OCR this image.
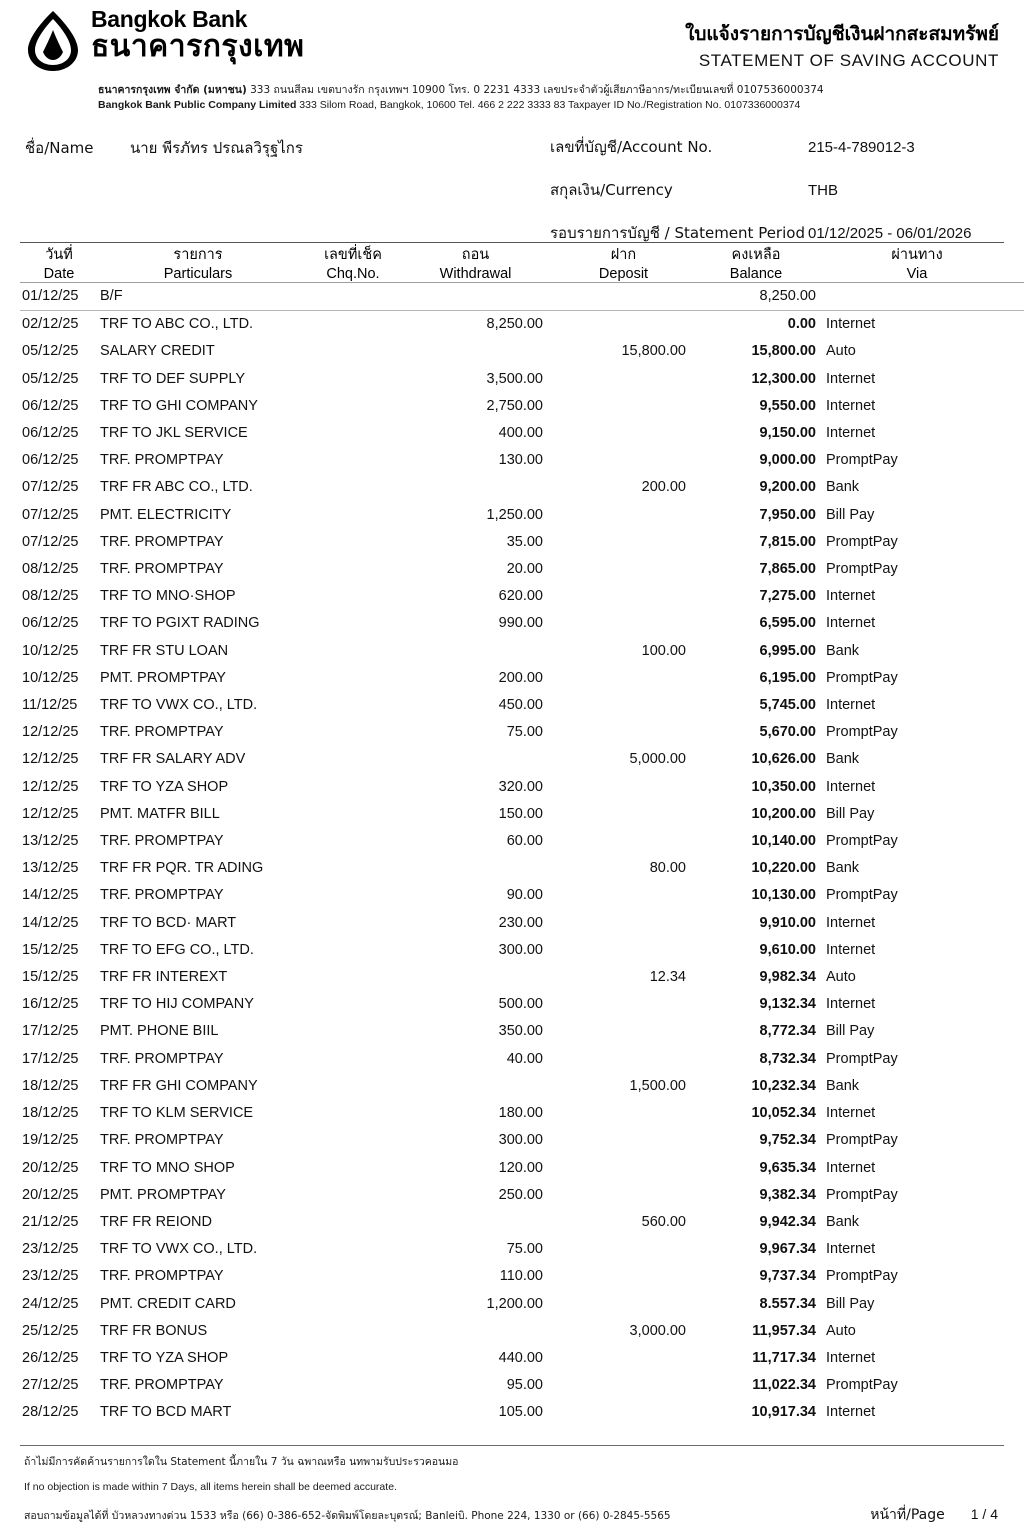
Bangkok Bank
ธนาคารกรุงเทพ	ใบแจ้งรายการบัญชีเงินฝากสะสมทรัพย์
STATEMENT OF SAVING ACCOUNT
ธนาคารกรุงเทพ จำกัด (มหาชน) 333 ถนนสีลม เขตบางรัก กรุงเทพฯ 10900 โทร. 0 2231 4333 เลขประจำตัวผู้เสียภาษีอากร/ทะเบียนเลขที่ 0107536000374
Bangkok Bank Public Company Limited 333 Silom Road, Bangkok, 10600 Tel. 466 2 222 3333 83 Taxpayer ID No./Registration No. 0107336000374
ชื่อ/Name	นาย พีรภัทร ปรณลวิรุฐไกร	เลขที่บัญชี/Account No.	215-4-789012-3
สกุลเงิน/Currency	THB
รอบรายการบัญชี / Statement Period 01/12/2025 - 06/01/2026
วันที่	รายการ	เลขที่เช็ค	ถอน	ฝาก	คงเหลือ	ผ่านทาง
Date	Particulars	Chq.No.	Withdrawal	Deposit	Balance	Via
01/12/25	B/F				8,250.00	
02/12/25	TRF TO ABC CO., LTD.		8,250.00		0.00	Internet
05/12/25	SALARY CREDIT			15,800.00	15,800.00	Auto
05/12/25	TRF TO DEF SUPPLY		3,500.00		12,300.00	Internet
06/12/25	TRF TO GHI COMPANY		2,750.00		9,550.00	Internet
06/12/25	TRF TO JKL SERVICE		400.00		9,150.00	Internet
06/12/25	TRF. PROMPTPAY		130.00		9,000.00	PromptPay
07/12/25	TRF FR ABC CO., LTD.			200.00	9,200.00	Bank
07/12/25	PMT. ELECTRICITY		1,250.00		7,950.00	Bill Pay
07/12/25	TRF. PROMPTPAY		35.00		7,815.00	PromptPay
08/12/25	TRF. PROMPTPAY		20.00		7,865.00	PromptPay
08/12/25	TRF TO MNO·SHOP		620.00		7,275.00	Internet
06/12/25	TRF TO PGIXT RADING		990.00		6,595.00	Internet
10/12/25	TRF FR STU LOAN			100.00	6,995.00	Bank
10/12/25	PMT. PROMPTPAY		200.00		6,195.00	PromptPay
11/12/25	TRF TO VWX CO., LTD.		450.00		5,745.00	Internet
12/12/25	TRF. PROMPTPAY		75.00		5,670.00	PromptPay
12/12/25	TRF FR SALARY ADV			5,000.00	10,626.00	Bank
12/12/25	TRF TO YZA SHOP		320.00		10,350.00	Internet
12/12/25	PMT. MATFR BILL		150.00		10,200.00	Bill Pay
13/12/25	TRF. PROMPTPAY		60.00		10,140.00	PromptPay
13/12/25	TRF FR PQR. TR ADING			80.00	10,220.00	Bank
14/12/25	TRF. PROMPTPAY		90.00		10,130.00	PromptPay
14/12/25	TRF TO BCD· MART		230.00		9,910.00	Internet
15/12/25	TRF TO EFG CO., LTD.		300.00		9,610.00	Internet
15/12/25	TRF FR INTEREXT			12.34	9,982.34	Auto
16/12/25	TRF TO HIJ COMPANY		500.00		9,132.34	Internet
17/12/25	PMT. PHONE BIIL		350.00		8,772.34	Bill Pay
17/12/25	TRF. PROMPTPAY		40.00		8,732.34	PromptPay
18/12/25	TRF FR GHI COMPANY			1,500.00	10,232.34	Bank
18/12/25	TRF TO KLM SERVICE		180.00		10,052.34	Internet
19/12/25	TRF. PROMPTPAY		300.00		9,752.34	PromptPay
20/12/25	TRF TO MNO SHOP		120.00		9,635.34	Internet
20/12/25	PMT. PROMPTPAY		250.00		9,382.34	PromptPay
21/12/25	TRF FR REIOND			560.00	9,942.34	Bank
23/12/25	TRF TO VWX CO., LTD.		75.00		9,967.34	Internet
23/12/25	TRF. PROMPTPAY		110.00		9,737.34	PromptPay
24/12/25	PMT. CREDIT CARD		1,200.00		8.557.34	Bill Pay
25/12/25	TRF FR BONUS			3,000.00	11,957.34	Auto
26/12/25	TRF TO YZA SHOP		440.00		11,717.34	Internet
27/12/25	TRF. PROMPTPAY		95.00		11,022.34	PromptPay
28/12/25	TRF TO BCD MART		105.00		10,917.34	Internet
ถ้าไม่มีการคัดค้านรายการใดใน Statement นี้ภายใน 7 วัน ฉพาณหรือ นทพามรับประรวคอนมอ
If no objection is made within 7 Days, all items herein shall be deemed accurate.
สอบถามข้อมูลได้ที่ บัวหลวงทางด่วน 1533 หรือ (66) 0-386-652-จัดพิมพ์โดยละบุตรณ์; Banleiบิ. Phone 224, 1330 or (66) 0-2845-5565	หน้าที่/Page 1 / 4
